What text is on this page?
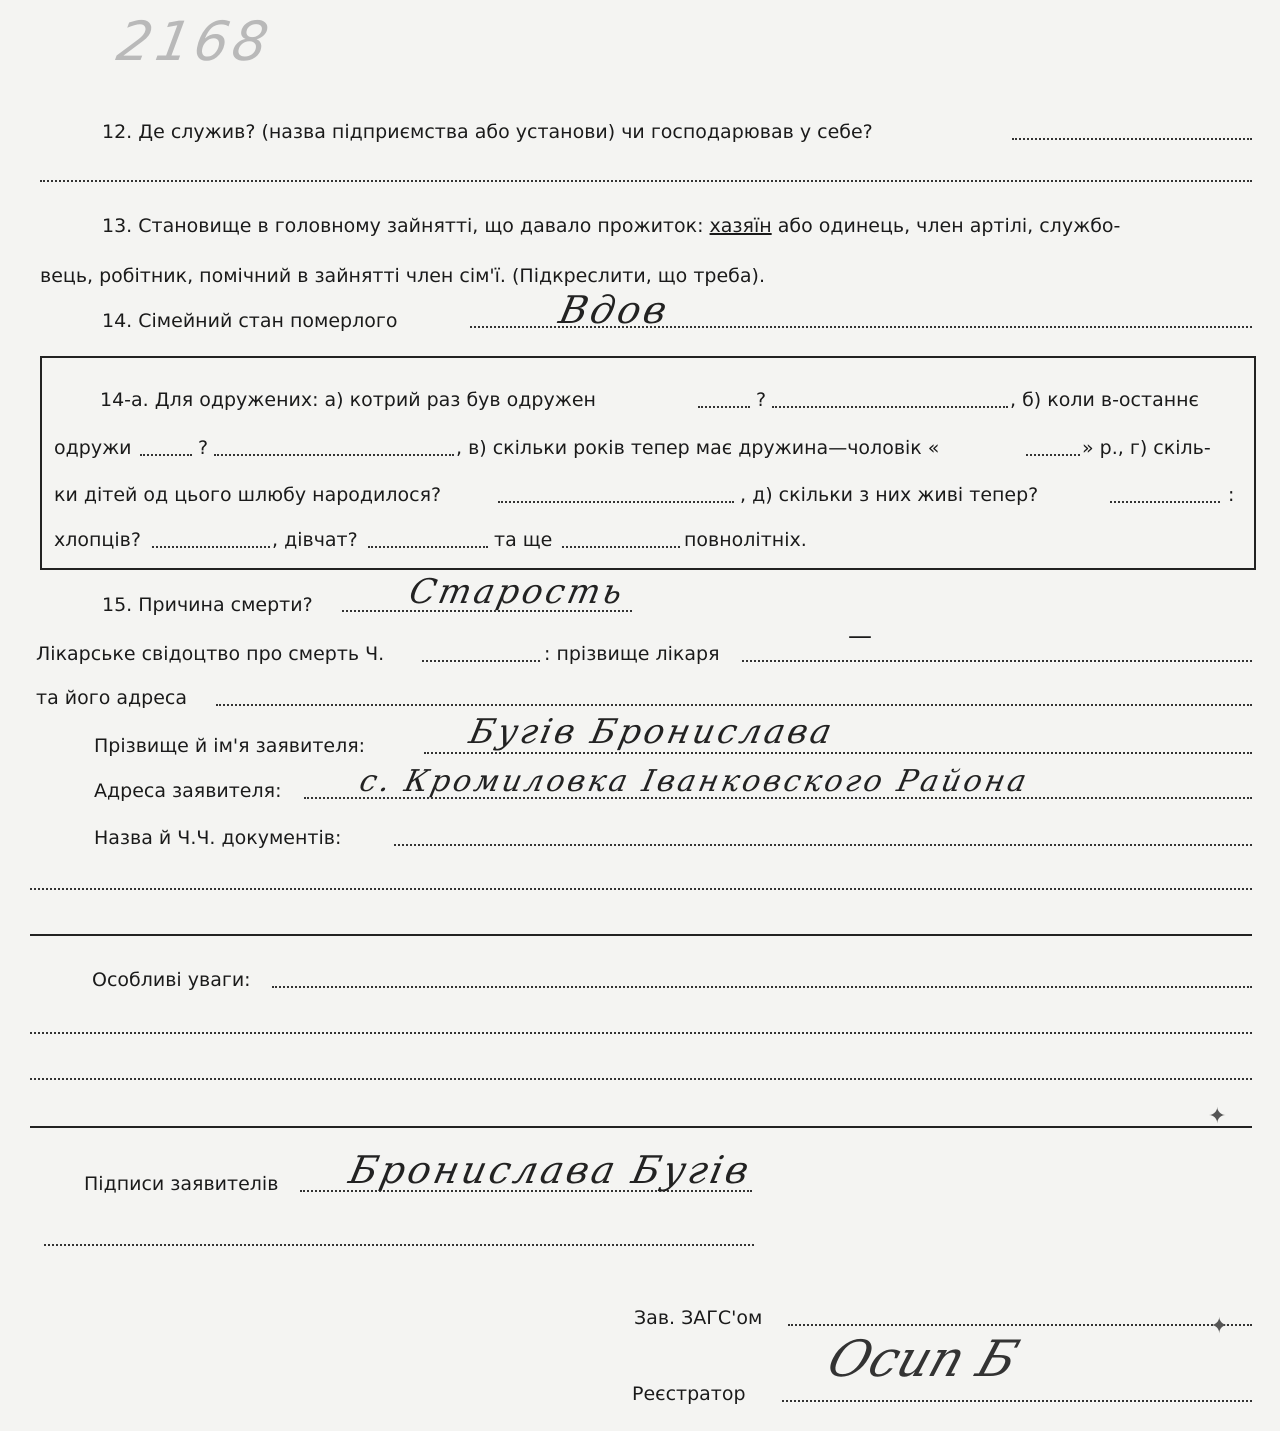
2168
12. Де служив? (назва підприємства або установи) чи господарював у себе?
13. Становище в головному зайнятті, що давало прожиток: хазяїн або одинець, член артілі, службо-
вець, робітник, помічний в зайнятті член сім'ї. (Підкреслити, що треба).
14. Сімейний стан померлого	Вдов
14-а. Для одружених: а) котрий раз був одружен	?	, б) коли в-останнє
одружи	?	, в) скільки років тепер має дружина—чоловік «	» р., г) скіль-
ки дітей од цього шлюбу народилося?	, д) скільки з них живі тепер?	:
хлопців?	, дівчат?	та ще	повнолітніх.
15. Причина смерти?	Старость
Лікарське свідоцтво про смерть Ч.	: прізвище лікаря
—
та його адреса
Прізвище й ім'я заявителя:	Бугів Бронислава
Адреса заявителя: с. Кромиловка Іванковского Района
Назва й Ч.Ч. документів:
Особливі уваги:
✦
Підписи заявителів Бронислава Бугів
Зав. ЗАГС'ом	✦
Реєстратор
Осип Б
